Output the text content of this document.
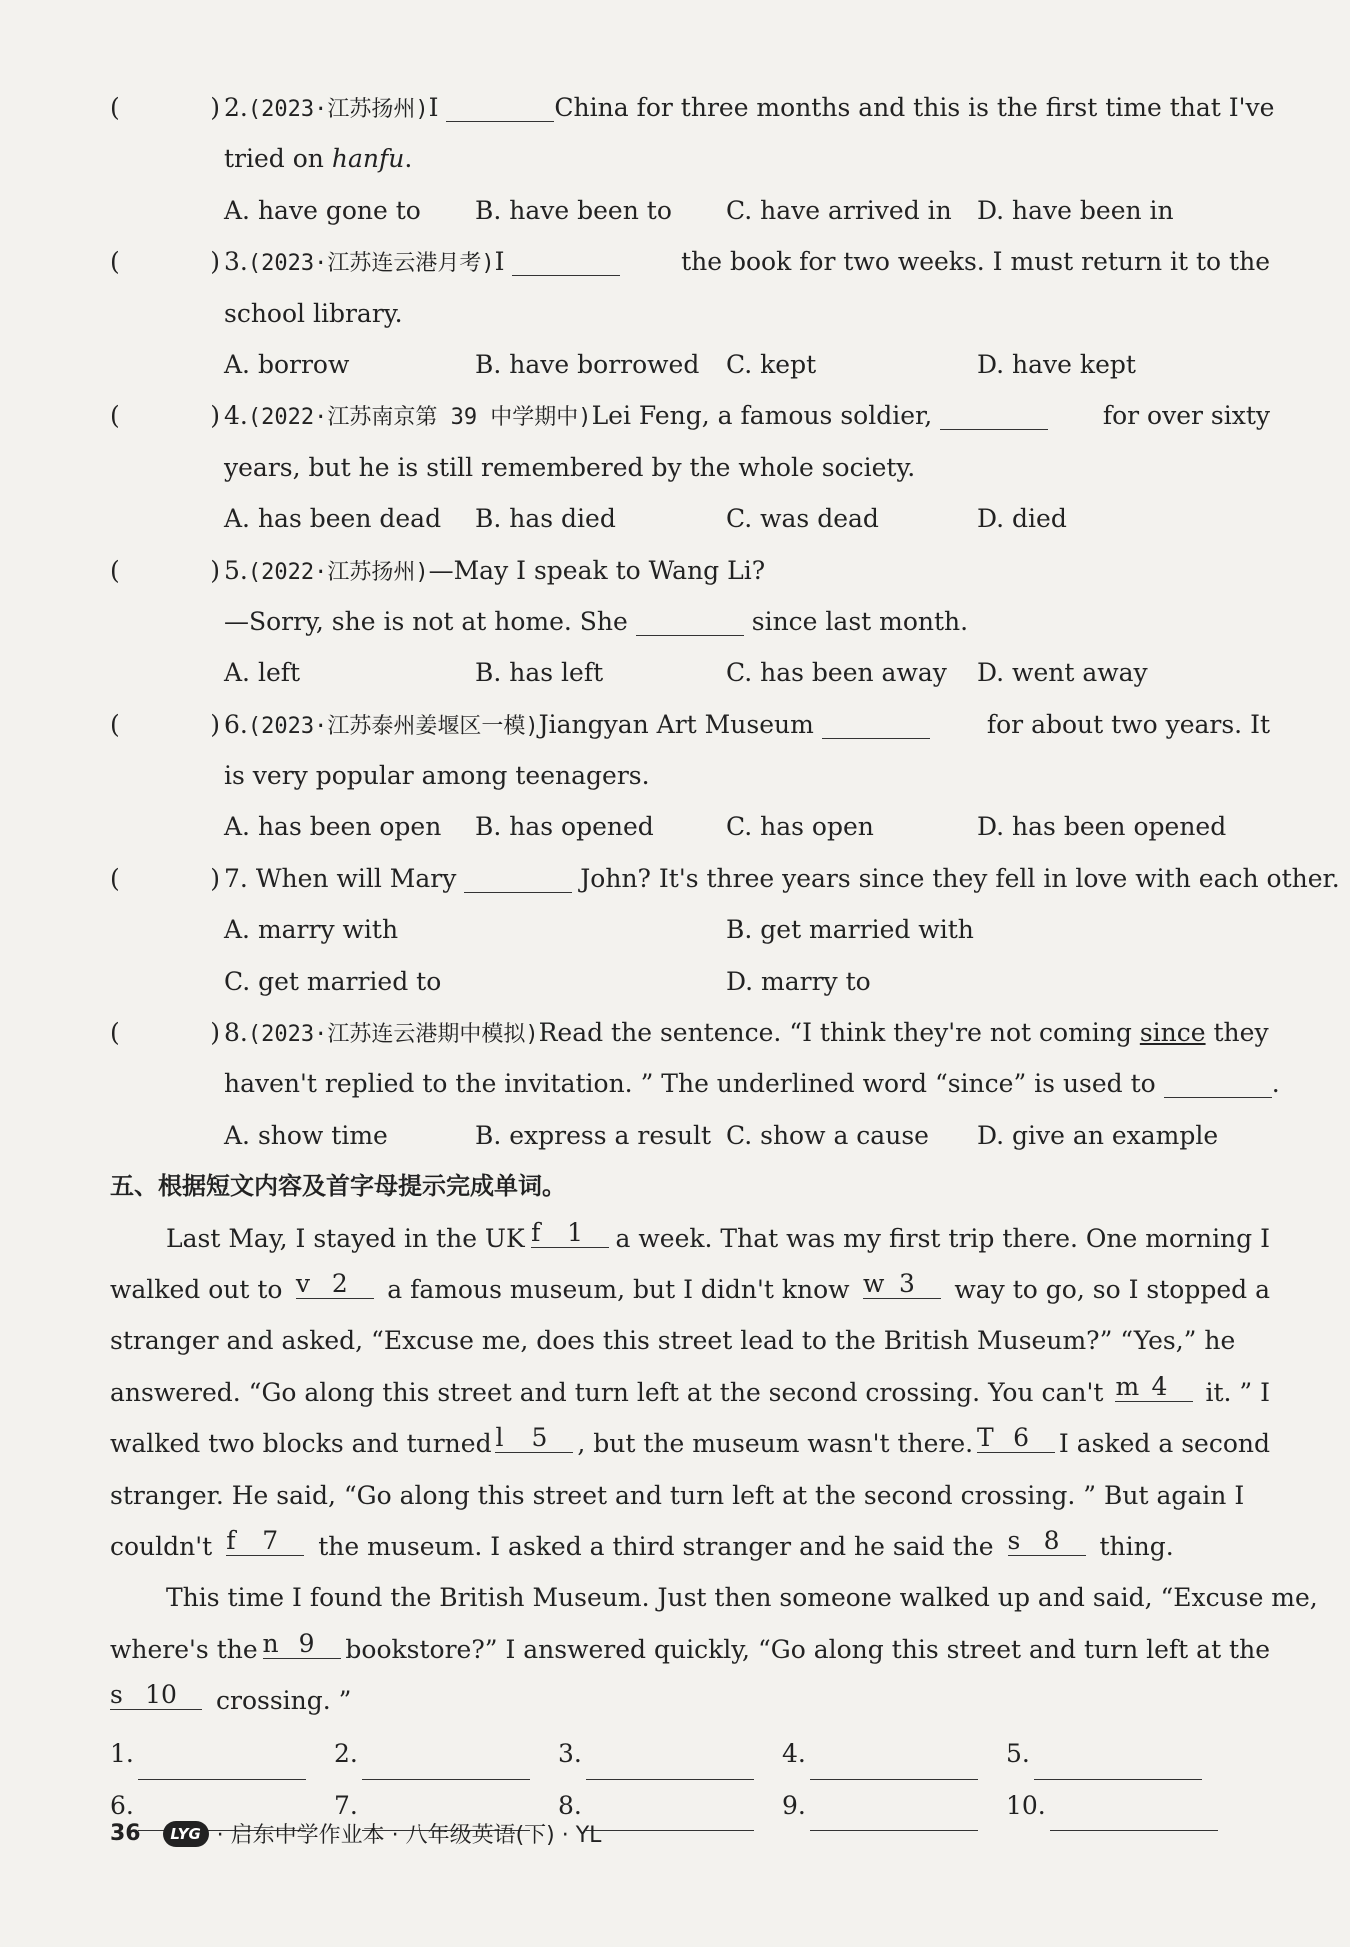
(	) 2.(2023·江苏扬州)I	China for three months and this is the first time that I've
tried on hanfu.
A. have gone to	B. have been to	C. have arrived in	D. have been in
(	) 3.(2023·江苏连云港月考)I	the book for two weeks. I must return it to the
school library.
A. borrow	B. have borrowed	C. kept	D. have kept
(	) 4.(2022·江苏南京第 39 中学期中)Lei Feng, a famous soldier,	for over sixty
years, but he is still remembered by the whole society.
A. has been dead	B. has died	C. was dead	D. died
(	) 5.(2022·江苏扬州)—May I speak to Wang Li?
—Sorry, she is not at home. She	since last month.
A. left	B. has left	C. has been away	D. went away
(	) 6.(2023·江苏泰州姜堰区一模)Jiangyan Art Museum	for about two years. It
is very popular among teenagers.
A. has been open	B. has opened	C. has open	D. has been opened
(	) 7. When will Mary	John? It's three years since they fell in love with each other.
A. marry with	B. get married with
C. get married to	D. marry to
(	) 8.(2023·江苏连云港期中模拟)Read the sentence. “I think they're not coming since they
haven't replied to the invitation. ” The underlined word “since” is used to	.
A. show time	B. express a result C. show a cause	D. give an example
五、根据短文内容及首字母提示完成单词。
Last May, I stayed in the UK f	1 a week. That was my first trip there. One morning I
walked out to v 2 a famous museum, but I didn't know w 3 way to go, so I stopped a
stranger and asked, “Excuse me, does this street lead to the British Museum?” “Yes,” he
answered. “Go along this street and turn left at the second crossing. You can't m 4 it. ” I
walked two blocks and turned l	5 , but the museum wasn't there. T 6 I asked a second
stranger. He said, “Go along this street and turn left at the second crossing. ” But again I
couldn't f	7 the museum. I asked a third stranger and he said the s 8 thing.
This time I found the British Museum. Just then someone walked up and said, “Excuse me,
where's the n 9 bookstore?” I answered quickly, “Go along this street and turn left at the
s 10 crossing. ”
1.	2.	3.	4.	5.
6.	7.	8.	9.	10.
36	LYG · 启东中学作业本 · 八年级英语(下) · YL
